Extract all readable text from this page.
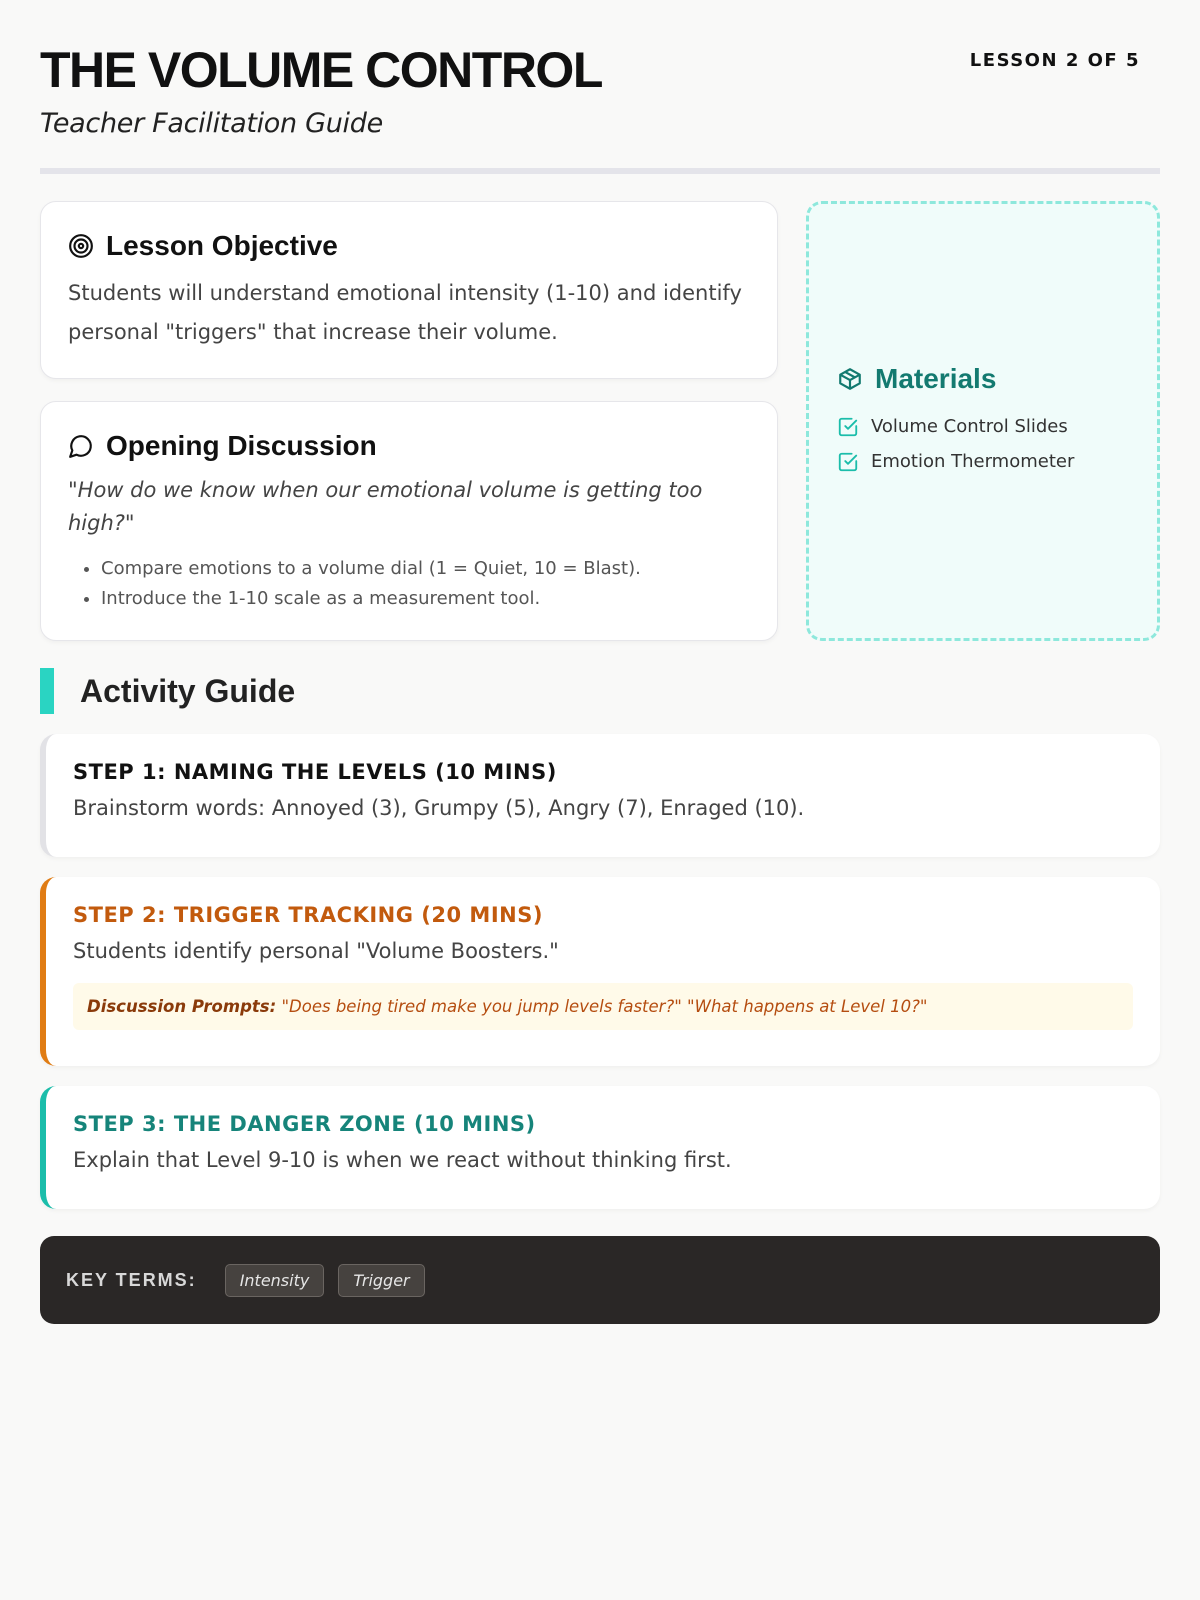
THE VOLUME CONTROL
Teacher Facilitation Guide
LESSON 2 OF 5
Lesson Objective

Students will understand emotional intensity (1-10) and identify personal "triggers" that increase their volume.

Opening Discussion

"How do we know when our emotional volume is getting too high?"

• Compare emotions to a volume dial (1 = Quiet, 10 = Blast).
• Introduce the 1-10 scale as a measurement tool.
Materials
Volume Control Slides
Emotion Thermometer
Activity Guide
STEP 1: NAMING THE LEVELS (10 MINS)
Brainstorm words: Annoyed (3), Grumpy (5), Angry (7), Enraged (10).
STEP 2: TRIGGER TRACKING (20 MINS)
Students identify personal "Volume Boosters."
Discussion Prompts: "Does being tired make you jump levels faster?" "What happens at Level 10?"
STEP 3: THE DANGER ZONE (10 MINS)
Explain that Level 9-10 is when we react without thinking first.
KEY TERMS:	Intensity	Trigger
